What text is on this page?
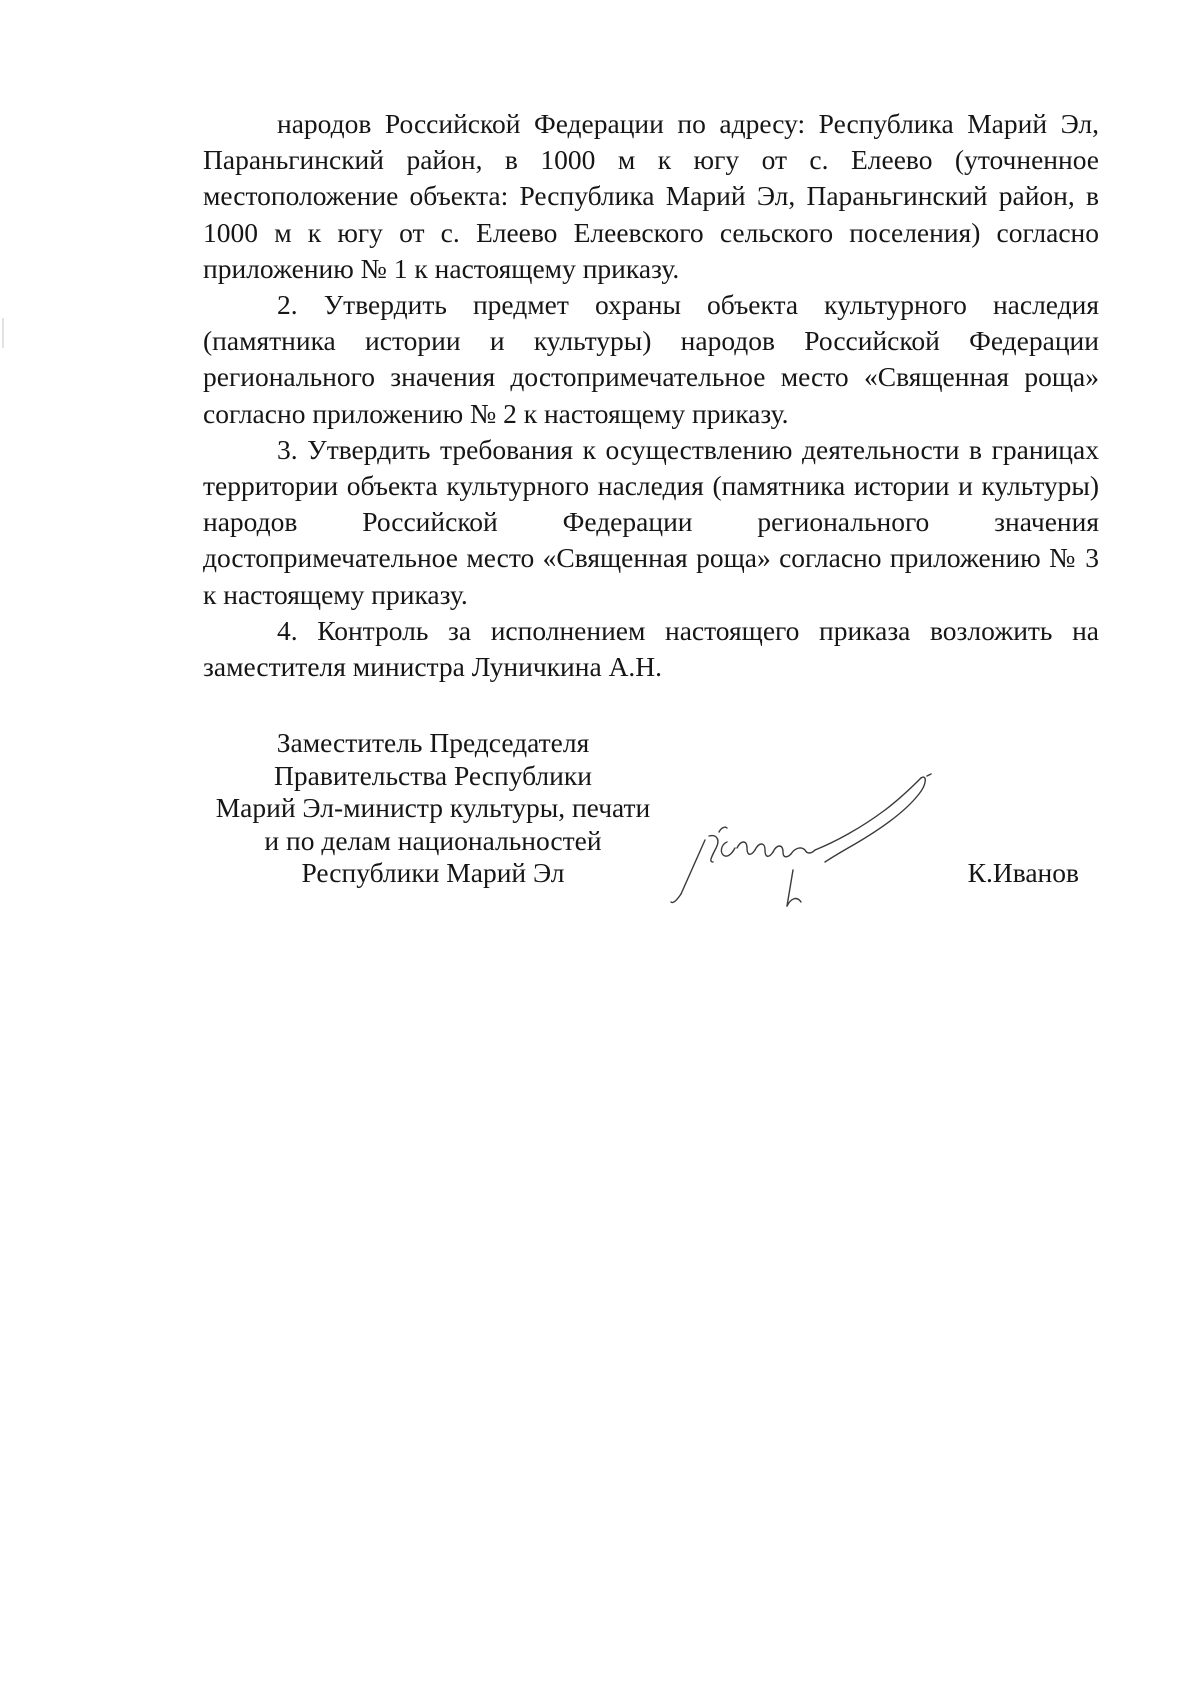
народов Российской Федерации по адресу: Республика Марий Эл, Параньгинский район, в 1000 м к югу от с. Елеево (уточненное местоположение объекта: Республика Марий Эл, Параньгинский район, в 1000 м к югу от с. Елеево Елеевского сельского поселения) согласно приложению № 1 к настоящему приказу.

2. Утвердить предмет охраны объекта культурного наследия (памятника истории и культуры) народов Российской Федерации регионального значения достопримечательное место «Священная роща» согласно приложению № 2 к настоящему приказу.

3. Утвердить требования к осуществлению деятельности в границах территории объекта культурного наследия (памятника истории и культуры) народов Российской Федерации регионального значения достопримечательное место «Священная роща» согласно приложению № 3 к настоящему приказу.

4. Контроль за исполнением настоящего приказа возложить на заместителя министра Луничкина А.Н.

Заместитель Председателя
Правительства Республики
Марий Эл-министр культуры, печати
и по делам национальностей
Республики Марий Эл	К.Иванов
